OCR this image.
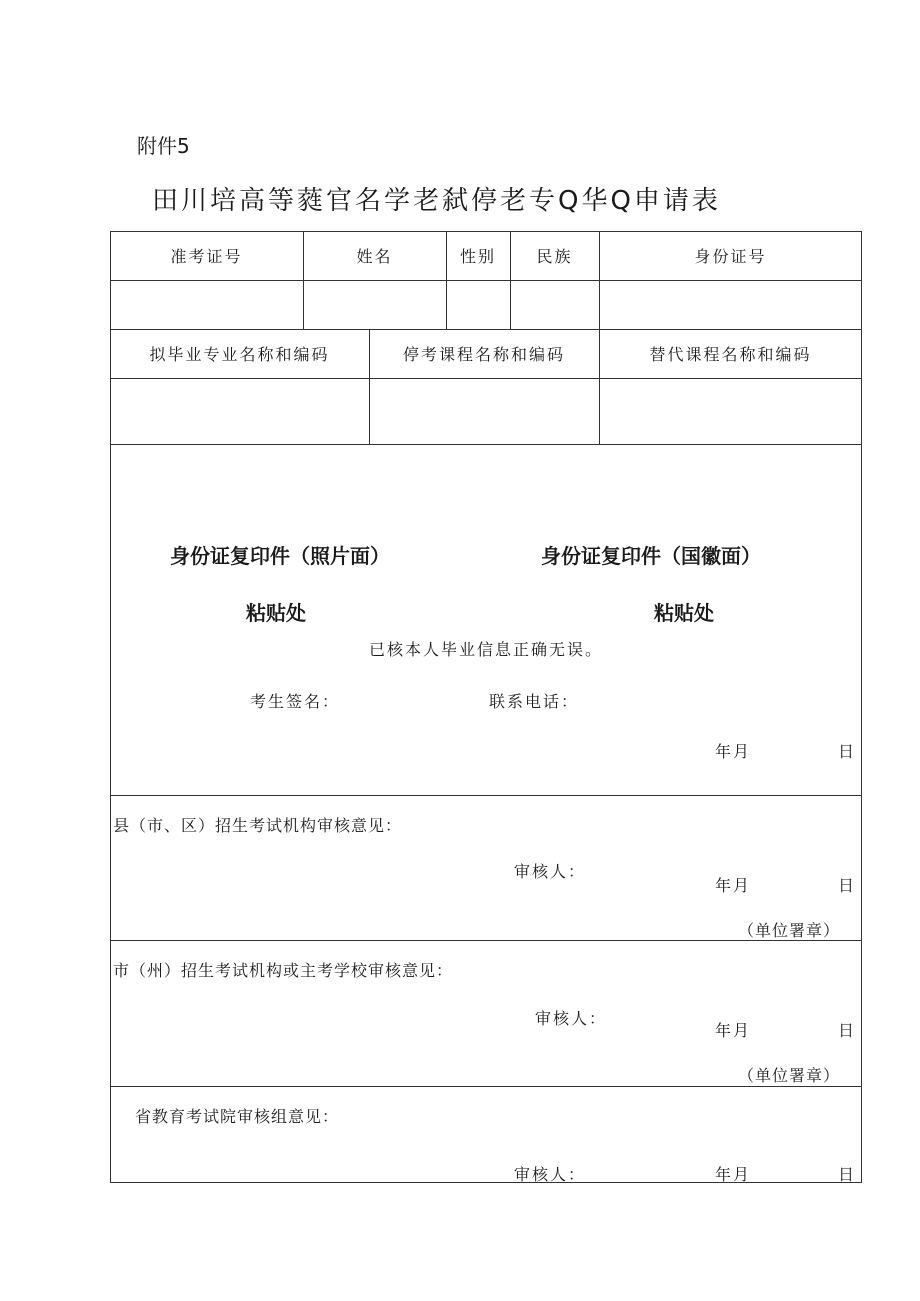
附件5
田川培高等蕤官名学老弑停老专Q华Q申请表
准考证号	姓名	性别	民族	身份证号
拟毕业专业名称和编码	停考课程名称和编码	替代课程名称和编码
身份证复印件（照片面）	身份证复印件（国徽面）
粘贴处	粘贴处
已核本人毕业信息正确无误。
考生签名：	联系电话：
年月	日
县（市、区）招生考试机构审核意见：
审核人：
年月	日
（单位署章）
市（州）招生考试机构或主考学校审核意见：
审核人：
年月	日
（单位署章）
省教育考试院审核组意见：
审核人：	年月	日
